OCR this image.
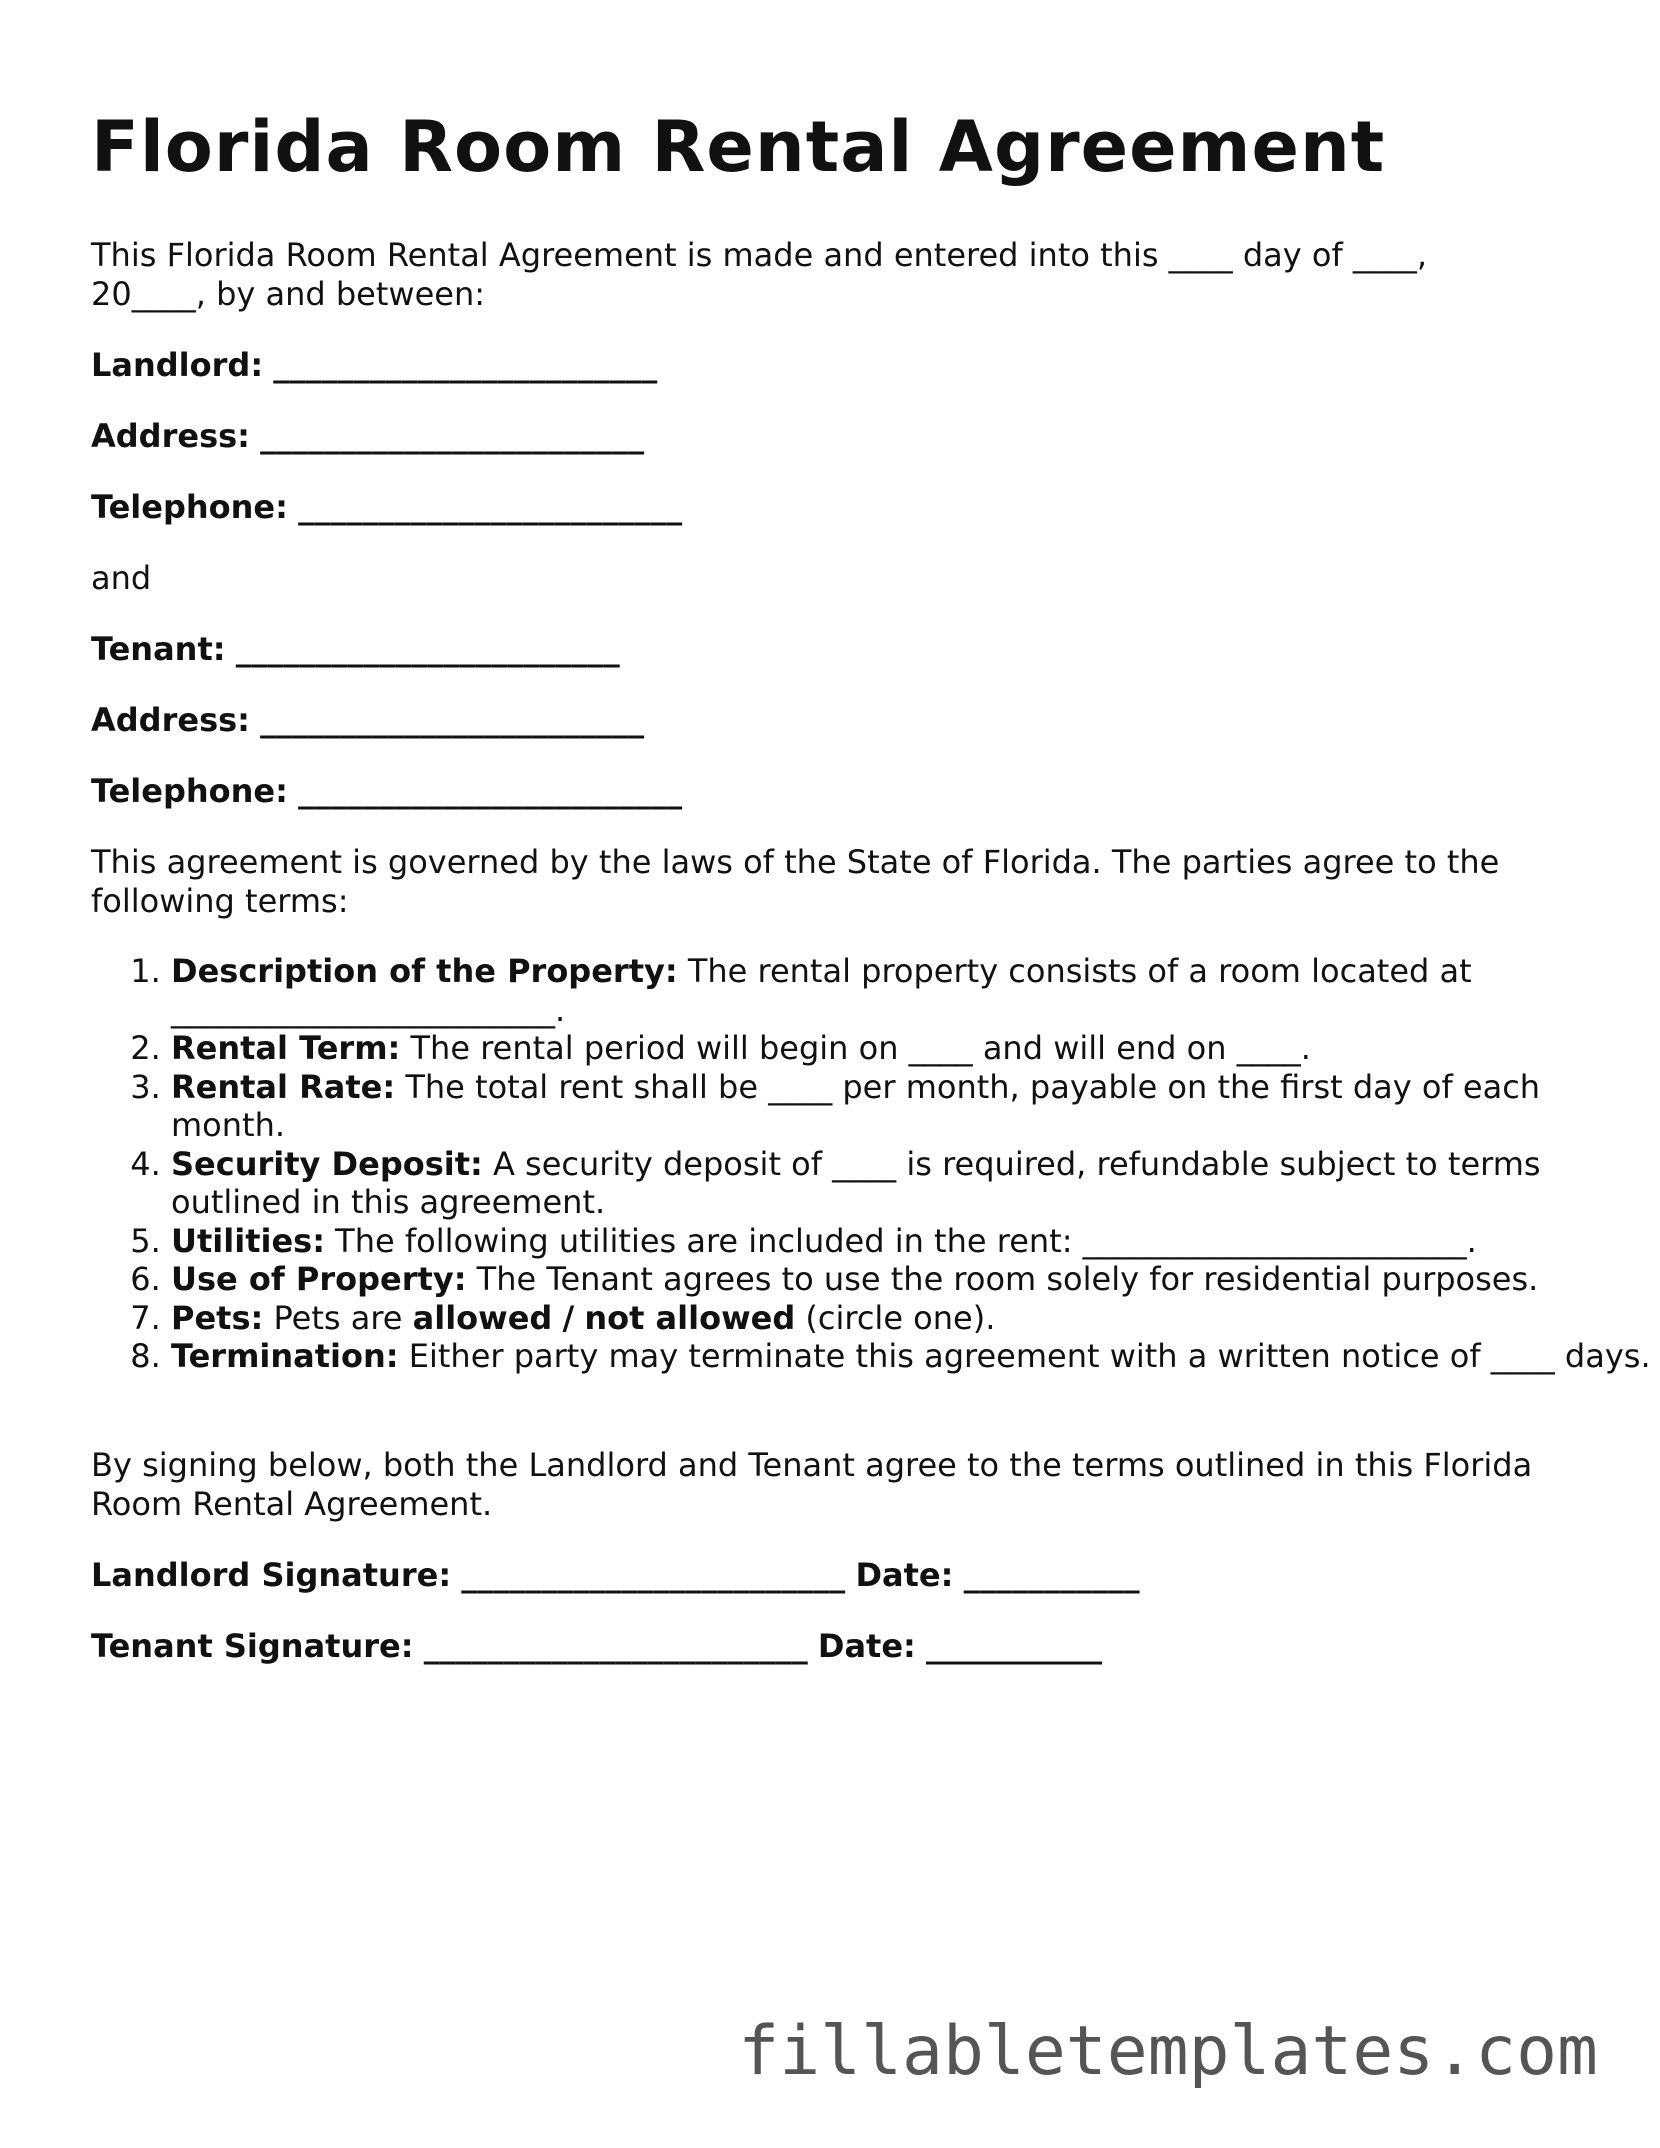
Florida Room Rental Agreement

This Florida Room Rental Agreement is made and entered into this ____ day of ____,
20____, by and between:

Landlord: ________________________
Address: ________________________
Telephone: ________________________
and
Tenant: ________________________
Address: ________________________
Telephone: ________________________

This agreement is governed by the laws of the State of Florida. The parties agree to the
following terms:

1. Description of the Property: The rental property consists of a room located at
________________________.
2. Rental Term: The rental period will begin on ____ and will end on ____.
3. Rental Rate: The total rent shall be ____ per month, payable on the first day of each month.
4. Security Deposit: A security deposit of ____ is required, refundable subject to terms outlined in this agreement.
5. Utilities: The following utilities are included in the rent: ________________________.
6. Use of Property: The Tenant agrees to use the room solely for residential purposes.
7. Pets: Pets are allowed / not allowed (circle one).
8. Termination: Either party may terminate this agreement with a written notice of ____ days.

By signing below, both the Landlord and Tenant agree to the terms outlined in this Florida
Room Rental Agreement.

Landlord Signature: ________________________ Date: ___________
Tenant Signature: ________________________ Date: ___________
fillabletemplates.com
